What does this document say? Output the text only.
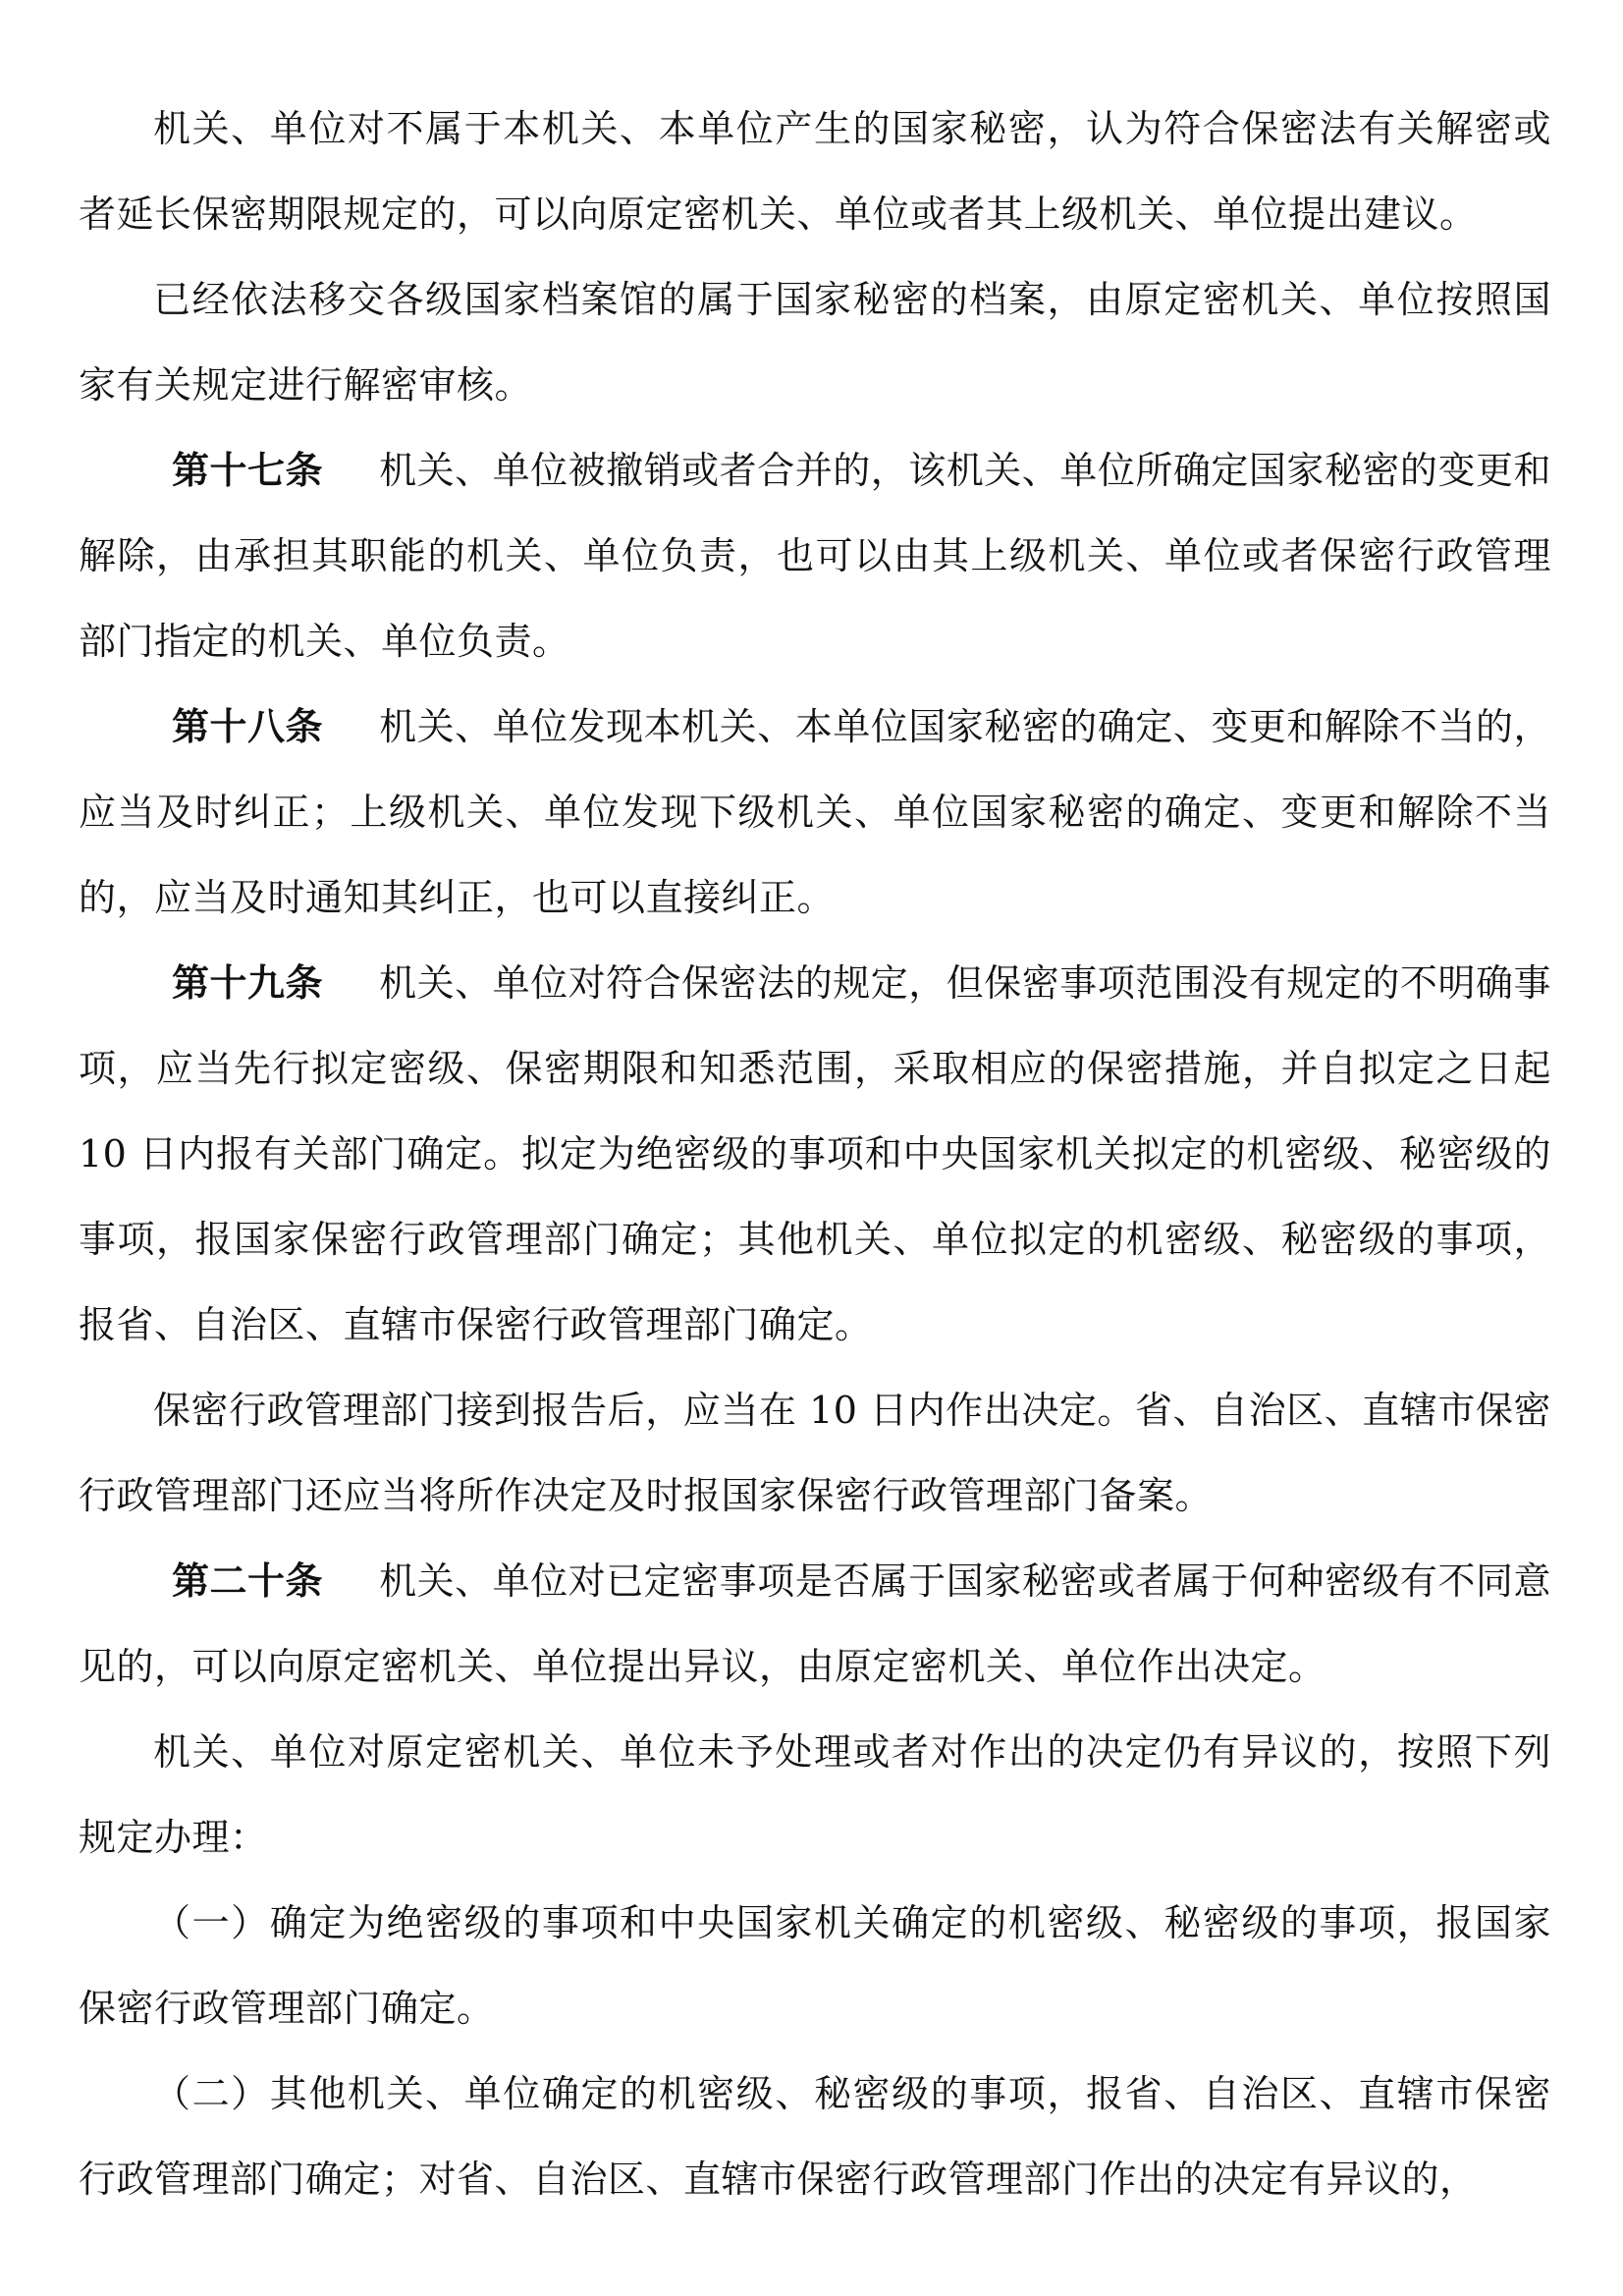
机关、单位对不属于本机关、本单位产生的国家秘密，认为符合保密法有关解密或者延长保密期限规定的，可以向原定密机关、单位或者其上级机关、单位提出建议。

已经依法移交各级国家档案馆的属于国家秘密的档案，由原定密机关、单位按照国家有关规定进行解密审核。

第十七条 机关、单位被撤销或者合并的，该机关、单位所确定国家秘密的变更和解除，由承担其职能的机关、单位负责，也可以由其上级机关、单位或者保密行政管理部门指定的机关、单位负责。

第十八条 机关、单位发现本机关、本单位国家秘密的确定、变更和解除不当的，应当及时纠正；上级机关、单位发现下级机关、单位国家秘密的确定、变更和解除不当的，应当及时通知其纠正，也可以直接纠正。

第十九条 机关、单位对符合保密法的规定，但保密事项范围没有规定的不明确事项，应当先行拟定密级、保密期限和知悉范围，采取相应的保密措施，并自拟定之日起 10 日内报有关部门确定。拟定为绝密级的事项和中央国家机关拟定的机密级、秘密级的事项，报国家保密行政管理部门确定；其他机关、单位拟定的机密级、秘密级的事项，报省、自治区、直辖市保密行政管理部门确定。

保密行政管理部门接到报告后，应当在 10 日内作出决定。省、自治区、直辖市保密行政管理部门还应当将所作决定及时报国家保密行政管理部门备案。

第二十条 机关、单位对已定密事项是否属于国家秘密或者属于何种密级有不同意见的，可以向原定密机关、单位提出异议，由原定密机关、单位作出决定。

机关、单位对原定密机关、单位未予处理或者对作出的决定仍有异议的，按照下列规定办理：

（一）确定为绝密级的事项和中央国家机关确定的机密级、秘密级的事项，报国家保密行政管理部门确定。

（二）其他机关、单位确定的机密级、秘密级的事项，报省、自治区、直辖市保密行政管理部门确定；对省、自治区、直辖市保密行政管理部门作出的决定有异议的，
